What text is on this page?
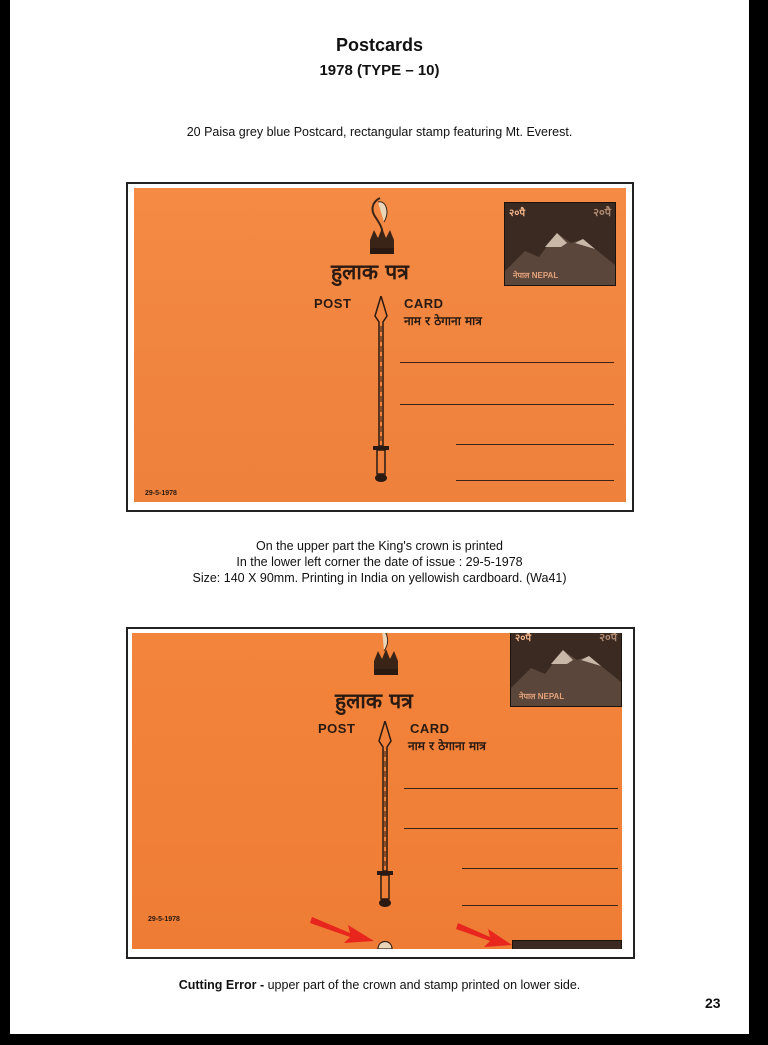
Postcards
1978 (TYPE – 10)
20 Paisa grey blue Postcard, rectangular stamp featuring Mt. Everest.
हुलाक पत्र
POST	CARD
नाम र ठेगाना मात्र
29-5-1978
२०पै	२०पै
नेपाल NEPAL
On the upper part the King's crown is printed
In the lower left corner the date of issue : 29-5-1978
Size: 140 X 90mm. Printing in India on yellowish cardboard. (Wa41)
हुलाक पत्र
POST	CARD
नाम र ठेगाना मात्र
29-5-1978
२०पै	२०पै
नेपाल NEPAL
Cutting Error - upper part of the crown and stamp printed on lower side.
23
